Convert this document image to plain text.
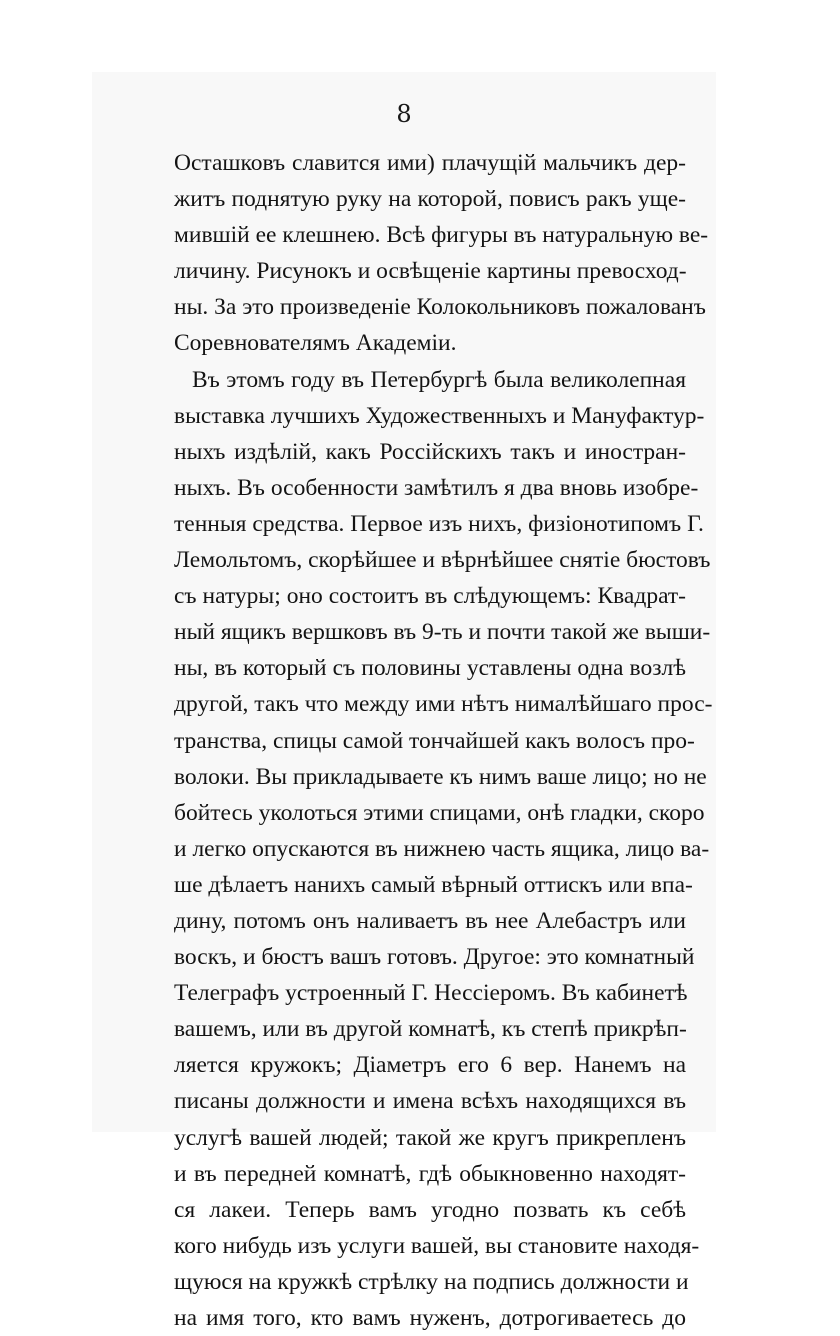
8
Осташковъ славится ими) плачущій мальчикъ дер-
житъ поднятую руку на которой, повисъ ракъ уще-
мившій ее клешнею. Всѣ фигуры въ натуральную ве-
личину. Рисунокъ и освѣщеніе картины превосход-
ны. За это произведеніе Колокольниковъ пожалованъ
Соревнователямъ Академіи.
Въ этомъ году въ Петербургѣ была великолепная
выставка лучшихъ Художественныхъ и Мануфактур-
ныхъ издѣлій, какъ Россійскихъ такъ и иностран-
ныхъ. Въ особенности замѣтилъ я два вновь изобре-
тенныя средства. Первое изъ нихъ, физіонотипомъ Г.
Лемольтомъ, скорѣйшее и вѣрнѣйшее снятіе бюстовъ
съ натуры; оно состоитъ въ слѣдующемъ: Квадрат-
ный ящикъ вершковъ въ 9-ть и почти такой же выши-
ны, въ который съ половины уставлены одна возлѣ
другой, такъ что между ими нѣтъ нималѣйшаго прос-
транства, спицы самой тончайшей какъ волосъ про-
волоки. Вы прикладываете къ нимъ ваше лицо; но не
бойтесь уколоться этими спицами, онѣ гладки, скоро
и легко опускаются въ нижнею часть ящика, лицо ва-
ше дѣлаетъ нанихъ самый вѣрный оттискъ или впа-
дину, потомъ онъ наливаетъ въ нее Алебастръ или
воскъ, и бюстъ вашъ готовъ. Другое: это комнатный
Телеграфъ устроенный Г. Нессіеромъ. Въ кабинетѣ
вашемъ, или въ другой комнатѣ, къ степѣ прикрѣп-
ляется кружокъ; Діаметръ его 6 вер. Нанемъ на
писаны должности и имена всѣхъ находящихся въ
услугѣ вашей людей; такой же кругъ прикрепленъ
и въ передней комнатѣ, гдѣ обыкновенно находят-
ся лакеи. Теперь вамъ угодно позвать къ себѣ
кого нибудь изъ услуги вашей, вы становите находя-
щуюся на кружкѣ стрѣлку на подпись должности и
на имя того, кто вамъ нуженъ, дотрогиваетесь до
